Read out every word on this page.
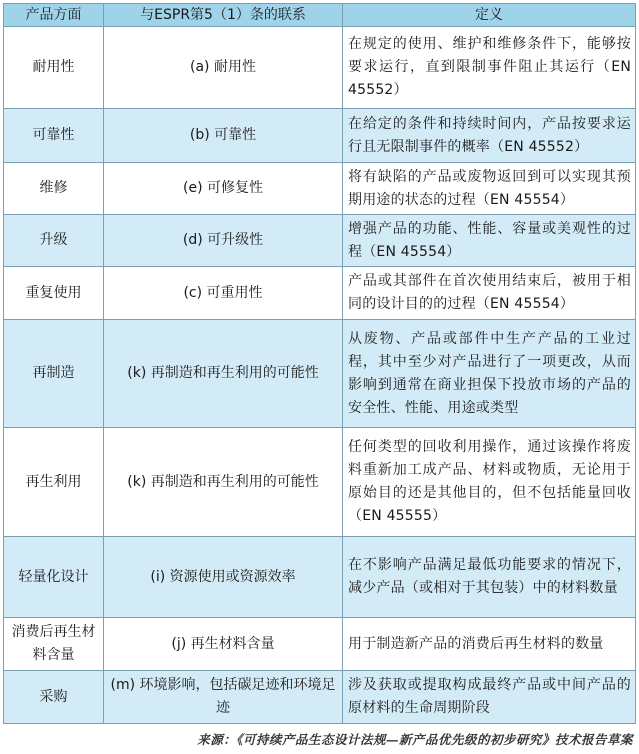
产品方面	与ESPR第5（1）条的联系	定义
耐用性	(a) 耐用性	在规定的使用、维护和维修条件下，能够按要求运行，直到限制事件阻止其运行（EN 45552）
可靠性	(b) 可靠性	在给定的条件和持续时间内，产品按要求运行且无限制事件的概率（EN 45552）
维修	(e) 可修复性	将有缺陷的产品或废物返回到可以实现其预期用途的状态的过程（EN 45554）
升级	(d) 可升级性	增强产品的功能、性能、容量或美观性的过程（EN 45554）
重复使用	(c) 可重用性	产品或其部件在首次使用结束后，被用于相同的设计目的的过程（EN 45554）
再制造	(k) 再制造和再生利用的可能性	从废物、产品或部件中生产产品的工业过程，其中至少对产品进行了一项更改，从而影响到通常在商业担保下投放市场的产品的安全性、性能、用途或类型
再生利用	(k) 再制造和再生利用的可能性	任何类型的回收利用操作，通过该操作将废料重新加工成产品、材料或物质，无论用于原始目的还是其他目的，但不包括能量回收（EN 45555）
轻量化设计	(i) 资源使用或资源效率	在不影响产品满足最低功能要求的情况下，减少产品（或相对于其包装）中的材料数量
消费后再生材料含量	(j) 再生材料含量	用于制造新产品的消费后再生材料的数量
采购	(m) 环境影响，包括碳足迹和环境足迹	涉及获取或提取构成最终产品或中间产品的原材料的生命周期阶段
来源：《可持续产品生态设计法规—新产品优先级的初步研究》技术报告草案
